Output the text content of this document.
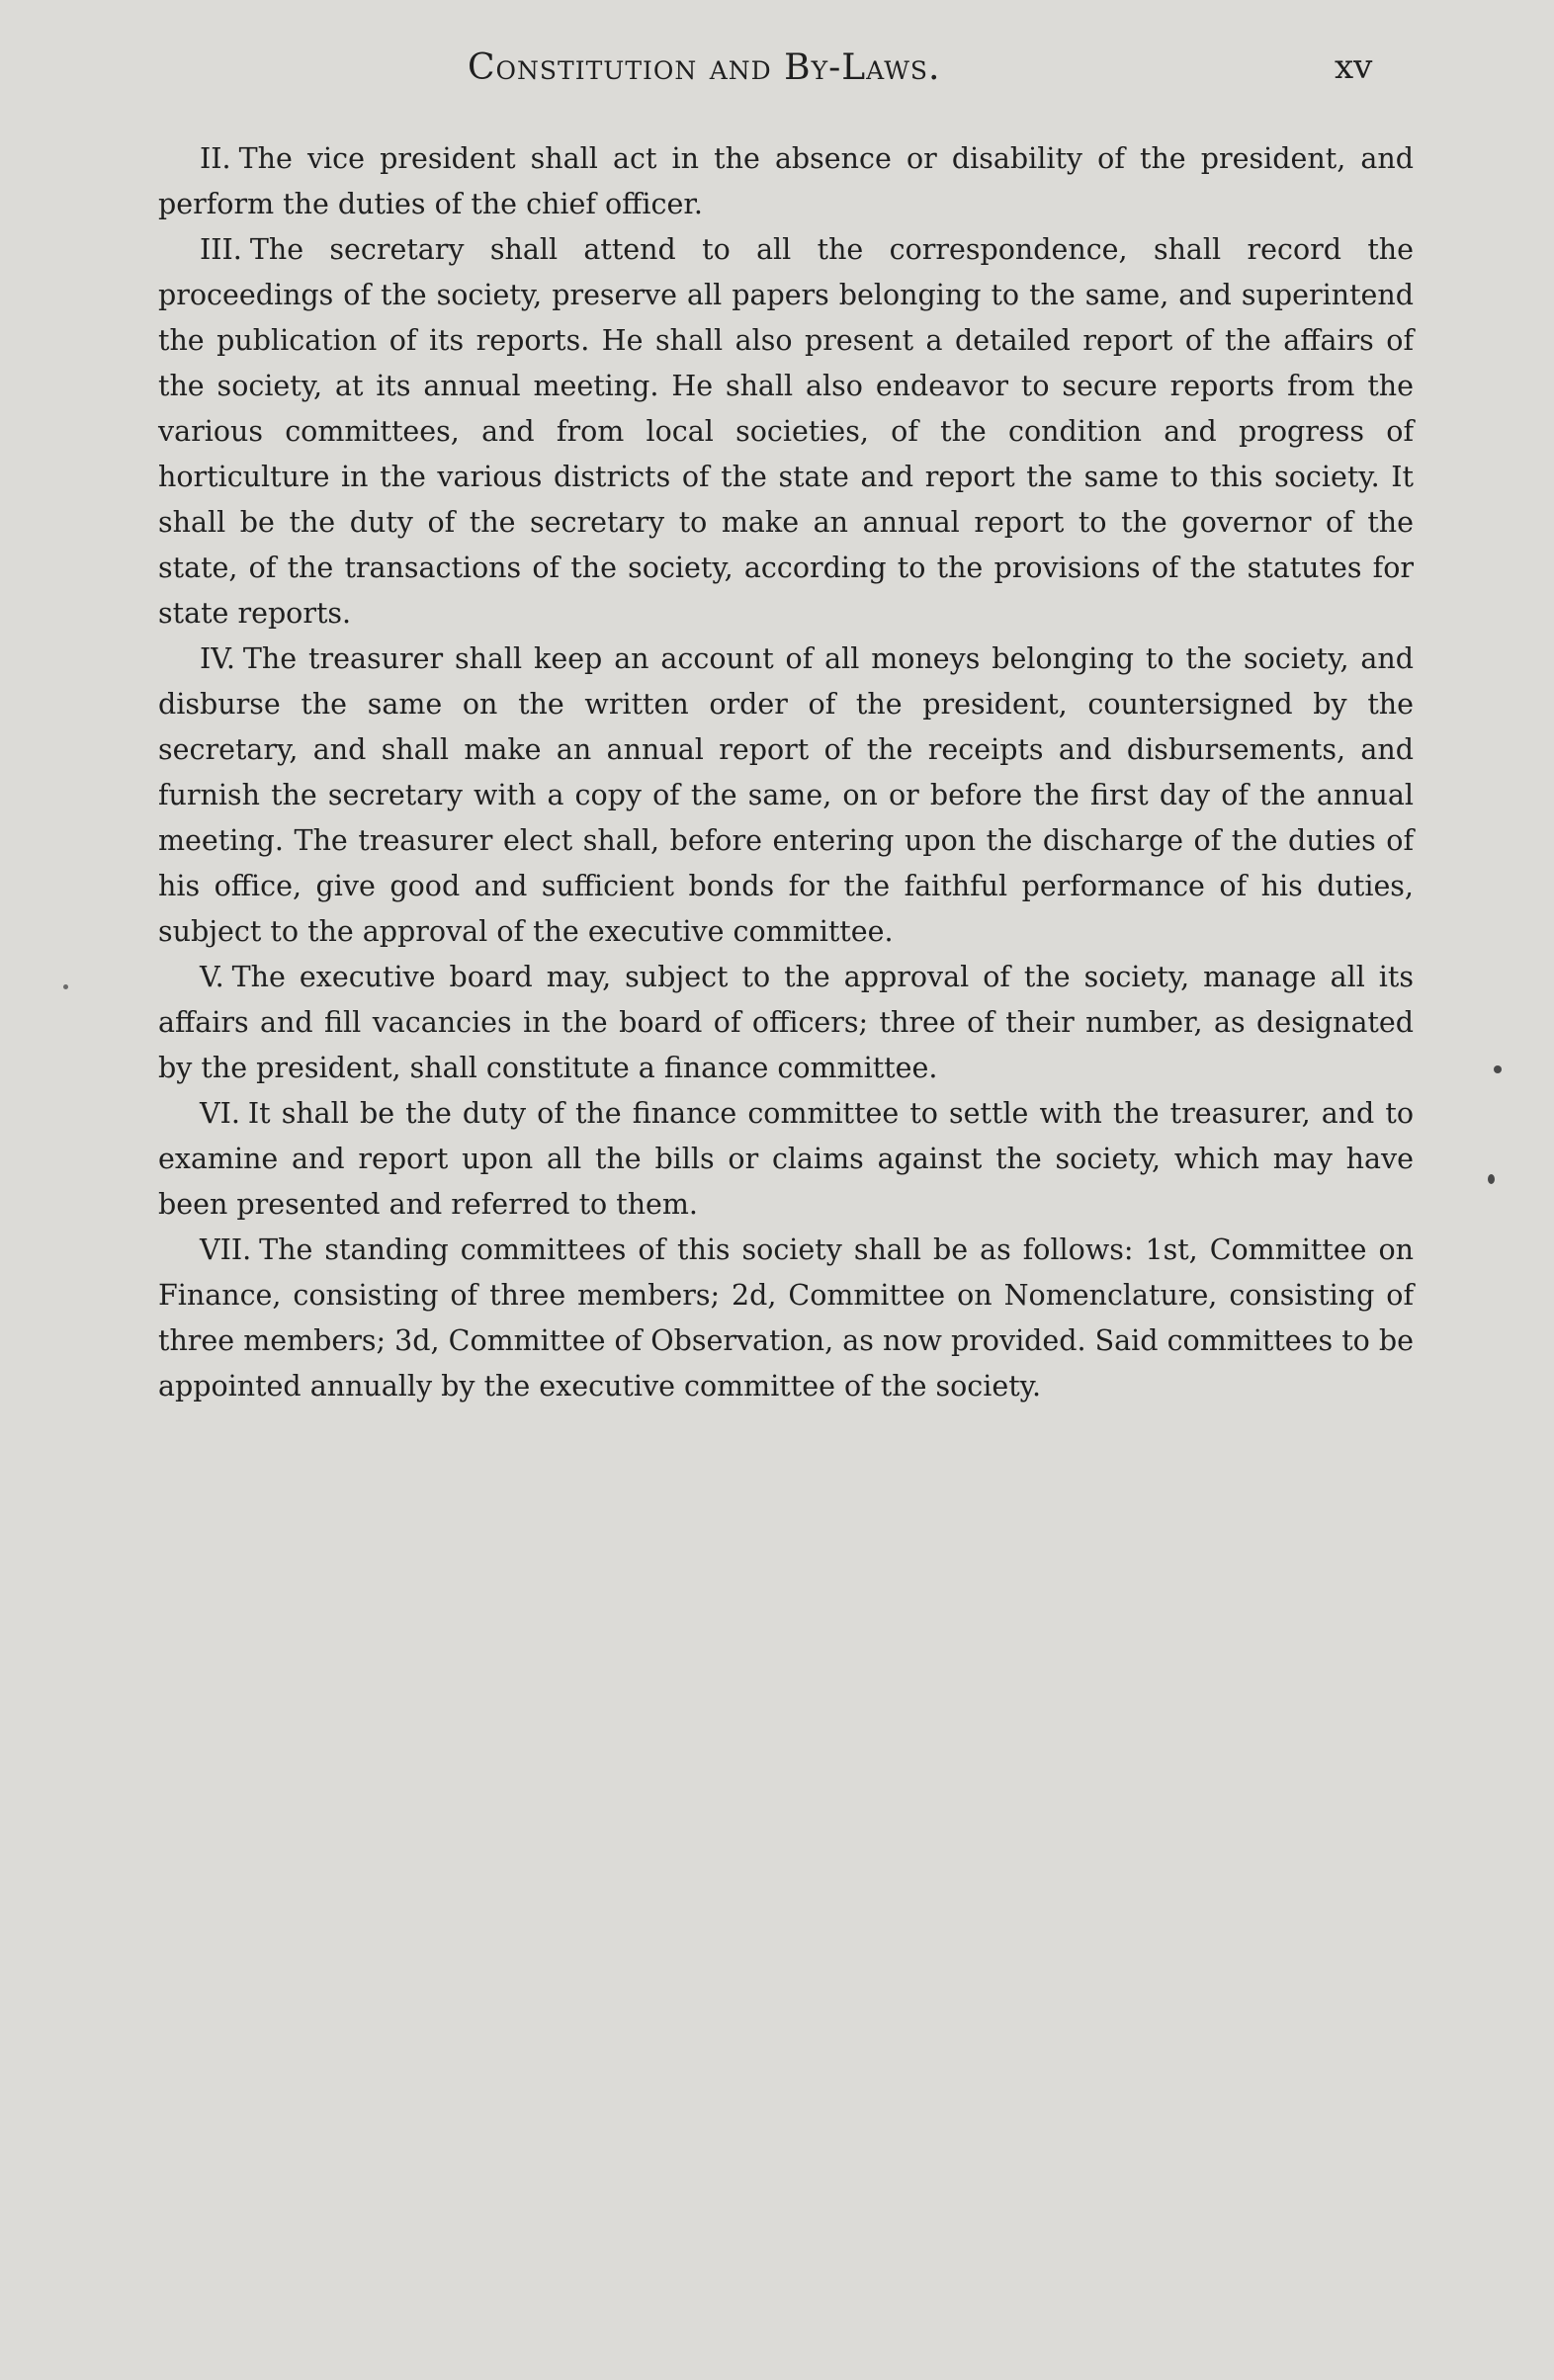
Constitution and By-Laws.	xv

II. The vice president shall act in the absence or disability of the president, and perform the duties of the chief officer.

III. The secretary shall attend to all the correspondence, shall record the proceedings of the society, preserve all papers belonging to the same, and superintend the publication of its reports. He shall also present a detailed report of the affairs of the society, at its annual meeting. He shall also endeavor to secure reports from the various committees, and from local societies, of the condition and progress of horticulture in the various districts of the state and report the same to this society. It shall be the duty of the secretary to make an annual report to the governor of the state, of the transactions of the society, according to the provisions of the statutes for state reports.

IV. The treasurer shall keep an account of all moneys belonging to the society, and disburse the same on the written order of the president, countersigned by the secretary, and shall make an annual report of the receipts and disbursements, and furnish the secretary with a copy of the same, on or before the first day of the annual meeting. The treasurer elect shall, before entering upon the discharge of the duties of his office, give good and sufficient bonds for the faithful performance of his duties, subject to the approval of the executive committee.

V. The executive board may, subject to the approval of the society, manage all its affairs and fill vacancies in the board of officers; three of their number, as designated by the president, shall constitute a finance committee.

VI. It shall be the duty of the finance committee to settle with the treasurer, and to examine and report upon all the bills or claims against the society, which may have been presented and referred to them.

VII. The standing committees of this society shall be as follows: 1st, Committee on Finance, consisting of three members; 2d, Committee on Nomenclature, consisting of three members; 3d, Committee of Observation, as now provided. Said committees to be appointed annually by the executive committee of the society.
